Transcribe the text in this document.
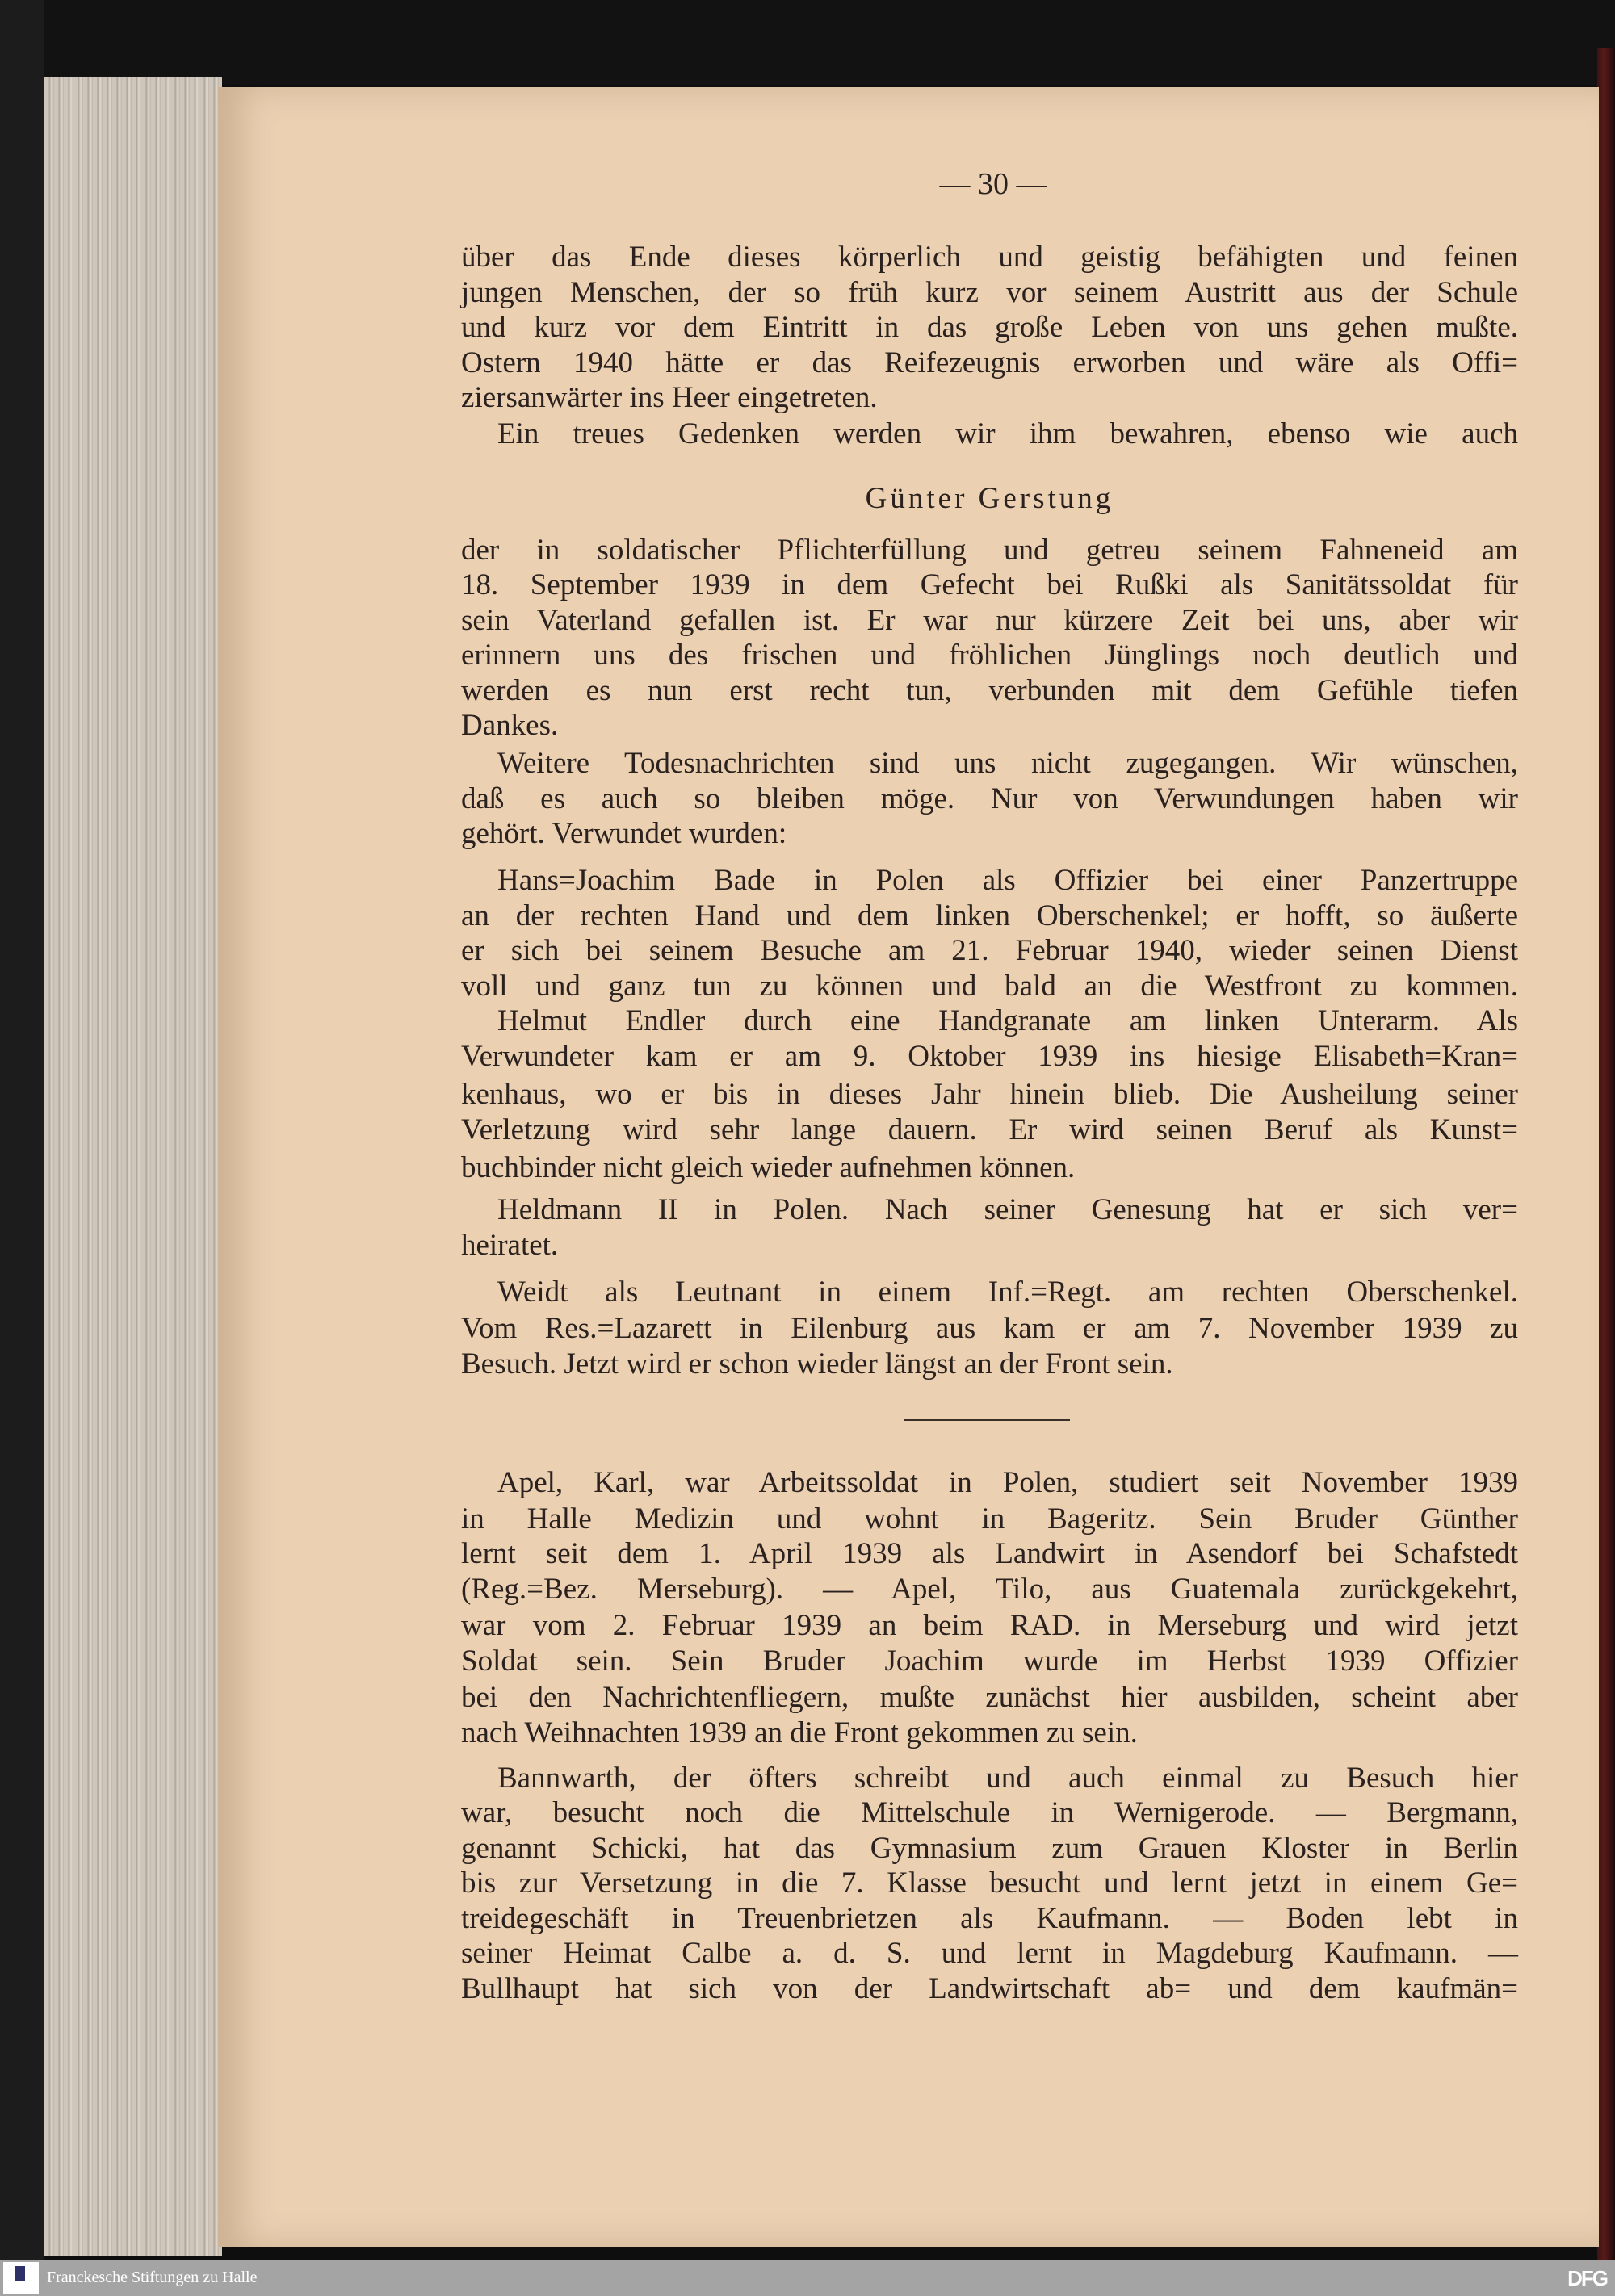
— 30 —
über das Ende dieses körperlich und geistig befähigten und feinen
jungen Menschen, der so früh kurz vor seinem Austritt aus der Schule
und kurz vor dem Eintritt in das große Leben von uns gehen mußte.
Ostern 1940 hätte er das Reifezeugnis erworben und wäre als Offi=
ziersanwärter ins Heer eingetreten.
Ein treues Gedenken werden wir ihm bewahren, ebenso wie auch
Günter Gerstung
der in soldatischer Pflichterfüllung und getreu seinem Fahneneid am
18. September 1939 in dem Gefecht bei Rußki als Sanitätssoldat für
sein Vaterland gefallen ist. Er war nur kürzere Zeit bei uns, aber wir
erinnern uns des frischen und fröhlichen Jünglings noch deutlich und
werden es nun erst recht tun, verbunden mit dem Gefühle tiefen
Dankes.
Weitere Todesnachrichten sind uns nicht zugegangen. Wir wünschen,
daß es auch so bleiben möge. Nur von Verwundungen haben wir
gehört. Verwundet wurden:
Hans=Joachim Bade in Polen als Offizier bei einer Panzertruppe
an der rechten Hand und dem linken Oberschenkel; er hofft, so äußerte
er sich bei seinem Besuche am 21. Februar 1940, wieder seinen Dienst
voll und ganz tun zu können und bald an die Westfront zu kommen.
Helmut Endler durch eine Handgranate am linken Unterarm. Als
Verwundeter kam er am 9. Oktober 1939 ins hiesige Elisabeth=Kran=
kenhaus, wo er bis in dieses Jahr hinein blieb. Die Ausheilung seiner
Verletzung wird sehr lange dauern. Er wird seinen Beruf als Kunst=
buchbinder nicht gleich wieder aufnehmen können.
Heldmann II in Polen. Nach seiner Genesung hat er sich ver=
heiratet.
Weidt als Leutnant in einem Inf.=Regt. am rechten Oberschenkel.
Vom Res.=Lazarett in Eilenburg aus kam er am 7. November 1939 zu
Besuch. Jetzt wird er schon wieder längst an der Front sein.
Apel, Karl, war Arbeitssoldat in Polen, studiert seit November 1939
in Halle Medizin und wohnt in Bageritz. Sein Bruder Günther
lernt seit dem 1. April 1939 als Landwirt in Asendorf bei Schafstedt
(Reg.=Bez. Merseburg). — Apel, Tilo, aus Guatemala zurückgekehrt,
war vom 2. Februar 1939 an beim RAD. in Merseburg und wird jetzt
Soldat sein. Sein Bruder Joachim wurde im Herbst 1939 Offizier
bei den Nachrichtenfliegern, mußte zunächst hier ausbilden, scheint aber
nach Weihnachten 1939 an die Front gekommen zu sein.
Bannwarth, der öfters schreibt und auch einmal zu Besuch hier
war, besucht noch die Mittelschule in Wernigerode. — Bergmann,
genannt Schicki, hat das Gymnasium zum Grauen Kloster in Berlin
bis zur Versetzung in die 7. Klasse besucht und lernt jetzt in einem Ge=
treidegeschäft in Treuenbrietzen als Kaufmann. — Boden lebt in
seiner Heimat Calbe a. d. S. und lernt in Magdeburg Kaufmann. —
Bullhaupt hat sich von der Landwirtschaft ab= und dem kaufmän=
Franckesche Stiftungen zu Halle	DFG
